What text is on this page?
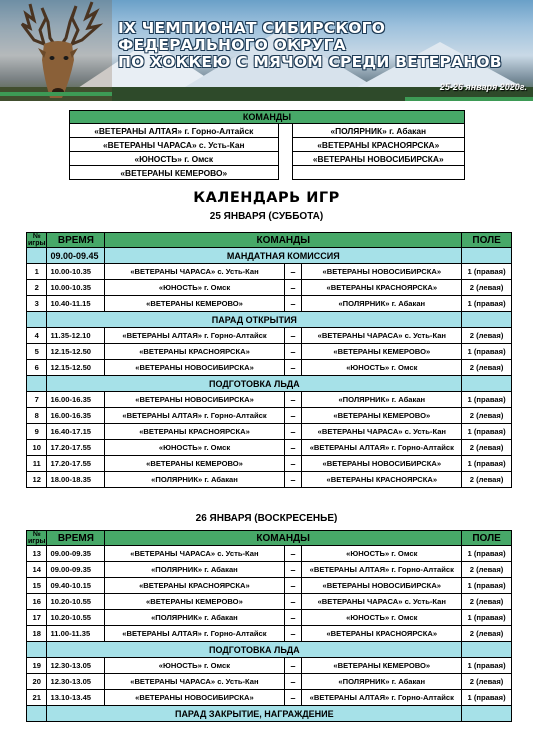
IX ЧЕМПИОНАТ СИБИРСКОГО
ФЕДЕРАЛЬНОГО ОКРУГА
ПО ХОККЕЮ С МЯЧОМ СРЕДИ ВЕТЕРАНОВ
25-26 января 2020г.
КОМАНДЫ		
«ВЕТЕРАНЫ АЛТАЯ» г. Горно-Алтайск		«ПОЛЯРНИК» г. Абакан
«ВЕТЕРАНЫ ЧАРАСА» с. Усть-Кан		«ВЕТЕРАНЫ КРАСНОЯРСКА»
«ЮНОСТЬ» г. Омск		«ВЕТЕРАНЫ НОВОСИБИРСКА»
«ВЕТЕРАНЫ КЕМЕРОВО»		
КАЛЕНДАРЬ ИГР
25 ЯНВАРЯ (СУББОТА)
№
игры	ВРЕМЯ	КОМАНДЫ			ПОЛЕ
	09.00-09.45	МАНДАТНАЯ КОМИССИЯ			
1	10.00-10.35	«ВЕТЕРАНЫ ЧАРАСА» с. Усть-Кан	–	«ВЕТЕРАНЫ НОВОСИБИРСКА»	1 (правая)
2	10.00-10.35	«ЮНОСТЬ» г. Омск	–	«ВЕТЕРАНЫ КРАСНОЯРСКА»	2 (левая)
3	10.40-11.15	«ВЕТЕРАНЫ КЕМЕРОВО»	–	«ПОЛЯРНИК» г. Абакан	1 (правая)
	ПАРАД ОТКРЫТИЯ				
4	11.35-12.10	«ВЕТЕРАНЫ АЛТАЯ» г. Горно-Алтайск	–	«ВЕТЕРАНЫ ЧАРАСА» с. Усть-Кан	2 (левая)
5	12.15-12.50	«ВЕТЕРАНЫ КРАСНОЯРСКА»	–	«ВЕТЕРАНЫ КЕМЕРОВО»	1 (правая)
6	12.15-12.50	«ВЕТЕРАНЫ НОВОСИБИРСКА»	–	«ЮНОСТЬ» г. Омск	2 (левая)
	ПОДГОТОВКА ЛЬДА				
7	16.00-16.35	«ВЕТЕРАНЫ НОВОСИБИРСКА»	–	«ПОЛЯРНИК» г. Абакан	1 (правая)
8	16.00-16.35	«ВЕТЕРАНЫ АЛТАЯ» г. Горно-Алтайск	–	«ВЕТЕРАНЫ КЕМЕРОВО»	2 (левая)
9	16.40-17.15	«ВЕТЕРАНЫ КРАСНОЯРСКА»	–	«ВЕТЕРАНЫ ЧАРАСА» с. Усть-Кан	1 (правая)
10	17.20-17.55	«ЮНОСТЬ» г. Омск	–	«ВЕТЕРАНЫ АЛТАЯ» г. Горно-Алтайск	2 (левая)
11	17.20-17.55	«ВЕТЕРАНЫ КЕМЕРОВО»	–	«ВЕТЕРАНЫ НОВОСИБИРСКА»	1 (правая)
12	18.00-18.35	«ПОЛЯРНИК» г. Абакан	–	«ВЕТЕРАНЫ КРАСНОЯРСКА»	2 (левая)
26 ЯНВАРЯ (ВОСКРЕСЕНЬЕ)
№
игры	ВРЕМЯ	КОМАНДЫ			ПОЛЕ
13	09.00-09.35	«ВЕТЕРАНЫ ЧАРАСА» с. Усть-Кан	–	«ЮНОСТЬ» г. Омск	1 (правая)
14	09.00-09.35	«ПОЛЯРНИК» г. Абакан	–	«ВЕТЕРАНЫ АЛТАЯ» г. Горно-Алтайск	2 (левая)
15	09.40-10.15	«ВЕТЕРАНЫ КРАСНОЯРСКА»	–	«ВЕТЕРАНЫ НОВОСИБИРСКА»	1 (правая)
16	10.20-10.55	«ВЕТЕРАНЫ КЕМЕРОВО»	–	«ВЕТЕРАНЫ ЧАРАСА» с. Усть-Кан	2 (левая)
17	10.20-10.55	«ПОЛЯРНИК» г. Абакан	–	«ЮНОСТЬ» г. Омск	1 (правая)
18	11.00-11.35	«ВЕТЕРАНЫ АЛТАЯ» г. Горно-Алтайск	–	«ВЕТЕРАНЫ КРАСНОЯРСКА»	2 (левая)
	ПОДГОТОВКА ЛЬДА				
19	12.30-13.05	«ЮНОСТЬ» г. Омск	–	«ВЕТЕРАНЫ КЕМЕРОВО»	1 (правая)
20	12.30-13.05	«ВЕТЕРАНЫ ЧАРАСА» с. Усть-Кан	–	«ПОЛЯРНИК» г. Абакан	2 (левая)
21	13.10-13.45	«ВЕТЕРАНЫ НОВОСИБИРСКА»	–	«ВЕТЕРАНЫ АЛТАЯ» г. Горно-Алтайск	1 (правая)
	ПАРАД ЗАКРЫТИЕ, НАГРАЖДЕНИЕ				
